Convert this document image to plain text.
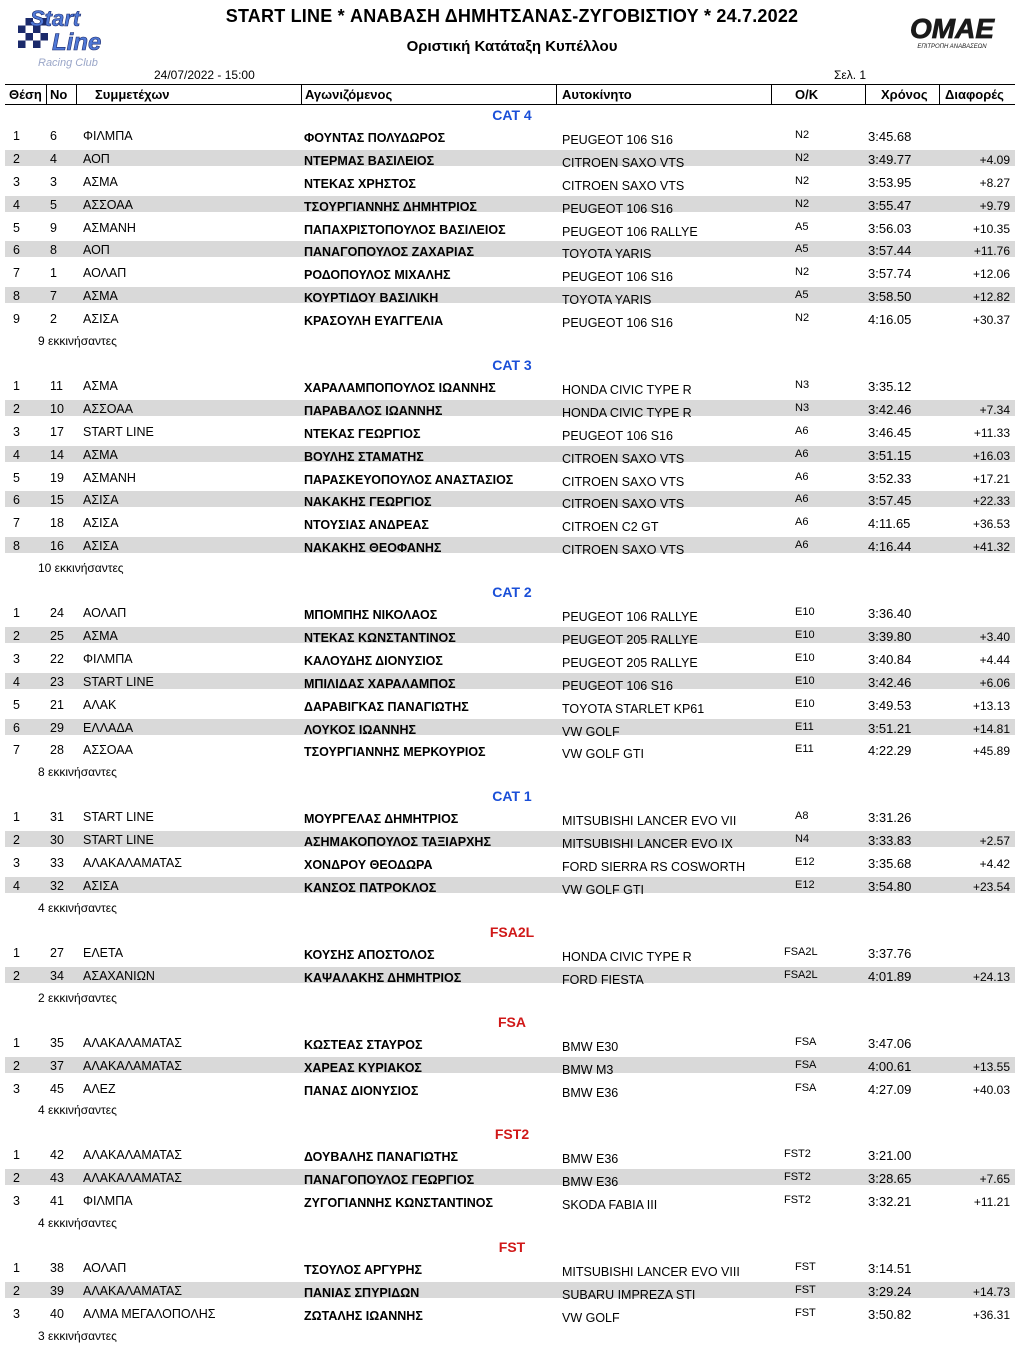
Start
Line
Racing Club
OMAE
ΕΠΙΤΡΟΠΗ ΑΝΑΒΑΣΕΩΝ
START LINE * ΑΝΑΒΑΣΗ ΔΗΜΗΤΣΑΝΑΣ-ΖΥΓΟΒΙΣΤΙΟΥ * 24.7.2022
Οριστική Κατάταξη Κυπέλλου
24/07/2022 - 15:00	Σελ. 1
Θέση Νο Συμμετέχων	Αγωνιζόμενος	Αυτοκίνητο	Ο/Κ	Χρόνος Διαφορές
CAT 4
1 6 ΦΙΛΜΠΑ	ΦΟΥΝΤΑΣ ΠΟΛΥΔΩΡΟΣ	PEUGEOT 106 S16	N2	3:45.68
2 4 ΑΟΠ	ΝΤΕΡΜΑΣ ΒΑΣΙΛΕΙΟΣ	CITROEN SAXO VTS	N2	3:49.77	+4.09
3 3 ΑΣΜΑ	ΝΤΕΚΑΣ ΧΡΗΣΤΟΣ	CITROEN SAXO VTS	N2	3:53.95	+8.27
4 5 ΑΣΣΟΑΑ	ΤΣΟΥΡΓΙΑΝΝΗΣ ΔΗΜΗΤΡΙΟΣ	PEUGEOT 106 S16	N2	3:55.47	+9.79
5 9 ΑΣΜΑΝΗ	ΠΑΠΑΧΡΙΣΤΟΠΟΥΛΟΣ ΒΑΣΙΛΕΙΟΣ	PEUGEOT 106 RALLYE	A5	3:56.03	+10.35
6 8 ΑΟΠ	ΠΑΝΑΓΟΠΟΥΛΟΣ ΖΑΧΑΡΙΑΣ	TOYOTA YARIS	A5	3:57.44	+11.76
7 1 ΑΟΛΑΠ	ΡΟΔΟΠΟΥΛΟΣ ΜΙΧΑΛΗΣ	PEUGEOT 106 S16	N2	3:57.74	+12.06
8 7 ΑΣΜΑ	ΚΟΥΡΤΙΔΟΥ ΒΑΣΙΛΙΚΗ	TOYOTA YARIS	A5	3:58.50	+12.82
9 2 ΑΣΙΣΑ	ΚΡΑΣΟΥΛΗ ΕΥΑΓΓΕΛΙΑ	PEUGEOT 106 S16	N2	4:16.05	+30.37
9 εκκινήσαντες
CAT 3
1 11 ΑΣΜΑ	ΧΑΡΑΛΑΜΠΟΠΟΥΛΟΣ ΙΩΑΝΝΗΣ	HONDA CIVIC TYPE R	N3	3:35.12
2 10 ΑΣΣΟΑΑ	ΠΑΡΑΒΑΛΟΣ ΙΩΑΝΝΗΣ	HONDA CIVIC TYPE R	N3	3:42.46	+7.34
3 17 START LINE	ΝΤΕΚΑΣ ΓΕΩΡΓΙΟΣ	PEUGEOT 106 S16	A6	3:46.45	+11.33
4 14 ΑΣΜΑ	ΒΟΥΛΗΣ ΣΤΑΜΑΤΗΣ	CITROEN SAXO VTS	A6	3:51.15	+16.03
5 19 ΑΣΜΑΝΗ	ΠΑΡΑΣΚΕΥΟΠΟΥΛΟΣ ΑΝΑΣΤΑΣΙΟΣ	CITROEN SAXO VTS	A6	3:52.33	+17.21
6 15 ΑΣΙΣΑ	ΝΑΚΑΚΗΣ ΓΕΩΡΓΙΟΣ	CITROEN SAXO VTS	A6	3:57.45	+22.33
7 18 ΑΣΙΣΑ	ΝΤΟΥΣΙΑΣ ΑΝΔΡΕΑΣ	CITROEN C2 GT	A6	4:11.65	+36.53
8 16 ΑΣΙΣΑ	ΝΑΚΑΚΗΣ ΘΕΟΦΑΝΗΣ	CITROEN SAXO VTS	A6	4:16.44	+41.32
10 εκκινήσαντες
CAT 2
1 24 ΑΟΛΑΠ	ΜΠΟΜΠΗΣ ΝΙΚΟΛΑΟΣ	PEUGEOT 106 RALLYE	E10	3:36.40
2 25 ΑΣΜΑ	ΝΤΕΚΑΣ ΚΩΝΣΤΑΝΤΙΝΟΣ	PEUGEOT 205 RALLYE	E10	3:39.80	+3.40
3 22 ΦΙΛΜΠΑ	ΚΑΛΟΥΔΗΣ ΔΙΟΝΥΣΙΟΣ	PEUGEOT 205 RALLYE	E10	3:40.84	+4.44
4 23 START LINE	ΜΠΙΛΙΔΑΣ ΧΑΡΑΛΑΜΠΟΣ	PEUGEOT 106 S16	E10	3:42.46	+6.06
5 21 ΑΛΑΚ	ΔΑΡΑΒΙΓΚΑΣ ΠΑΝΑΓΙΩΤΗΣ	TOYOTA STARLET KP61	E10	3:49.53	+13.13
6 29 ΕΛΛΑΔΑ	ΛΟΥΚΟΣ ΙΩΑΝΝΗΣ	VW GOLF	E11	3:51.21	+14.81
7 28 ΑΣΣΟΑΑ	ΤΣΟΥΡΓΙΑΝΝΗΣ ΜΕΡΚΟΥΡΙΟΣ	VW GOLF GTI	E11	4:22.29	+45.89
8 εκκινήσαντες
CAT 1
1 31 START LINE	ΜΟΥΡΓΕΛΑΣ ΔΗΜΗΤΡΙΟΣ	MITSUBISHI LANCER EVO VII	A8	3:31.26
2 30 START LINE	ΑΣΗΜΑΚΟΠΟΥΛΟΣ ΤΑΞΙΑΡΧΗΣ	MITSUBISHI LANCER EVO IX	N4	3:33.83	+2.57
3 33 ΑΛΑΚΑΛΑΜΑΤΑΣ	ΧΟΝΔΡΟΥ ΘΕΟΔΩΡΑ	FORD SIERRA RS COSWORTH	E12	3:35.68	+4.42
4 32 ΑΣΙΣΑ	ΚΑΝΣΟΣ ΠΑΤΡΟΚΛΟΣ	VW GOLF GTI	E12	3:54.80	+23.54
4 εκκινήσαντες
FSA2L
1 27 ΕΛΕΤΑ	ΚΟΥΣΗΣ ΑΠΟΣΤΟΛΟΣ	HONDA CIVIC TYPE R	FSA2L	3:37.76
2 34 ΑΣΑΧΑΝΙΩΝ	ΚΑΨΑΛΑΚΗΣ ΔΗΜΗΤΡΙΟΣ	FORD FIESTA	FSA2L	4:01.89	+24.13
2 εκκινήσαντες
FSA
1 35 ΑΛΑΚΑΛΑΜΑΤΑΣ	ΚΩΣΤΕΑΣ ΣΤΑΥΡΟΣ	BMW E30	FSA	3:47.06
2 37 ΑΛΑΚΑΛΑΜΑΤΑΣ	ΧΑΡΕΑΣ ΚΥΡΙΑΚΟΣ	BMW M3	FSA	4:00.61	+13.55
3 45 ΑΛΕΖ	ΠΑΝΑΣ ΔΙΟΝΥΣΙΟΣ	BMW E36	FSA	4:27.09	+40.03
4 εκκινήσαντες
FST2
1 42 ΑΛΑΚΑΛΑΜΑΤΑΣ	ΔΟΥΒΑΛΗΣ ΠΑΝΑΓΙΩΤΗΣ	BMW E36	FST2	3:21.00
2 43 ΑΛΑΚΑΛΑΜΑΤΑΣ	ΠΑΝΑΓΟΠΟΥΛΟΣ ΓΕΩΡΓΙΟΣ	BMW E36	FST2	3:28.65	+7.65
3 41 ΦΙΛΜΠΑ	ΖΥΓΟΓΙΑΝΝΗΣ ΚΩΝΣΤΑΝΤΙΝΟΣ	SKODA FABIA III	FST2	3:32.21	+11.21
4 εκκινήσαντες
FST
1 38 ΑΟΛΑΠ	ΤΣΟΥΛΟΣ ΑΡΓΥΡΗΣ	MITSUBISHI LANCER EVO VIII	FST	3:14.51
2 39 ΑΛΑΚΑΛΑΜΑΤΑΣ	ΠΑΝΙΑΣ ΣΠΥΡΙΔΩΝ	SUBARU IMPREZA STI	FST	3:29.24	+14.73
3 40 ΑΛΜΑ ΜΕΓΑΛΟΠΟΛΗΣ	ΖΩΤΑΛΗΣ ΙΩΑΝΝΗΣ	VW GOLF	FST	3:50.82	+36.31
3 εκκινήσαντες
